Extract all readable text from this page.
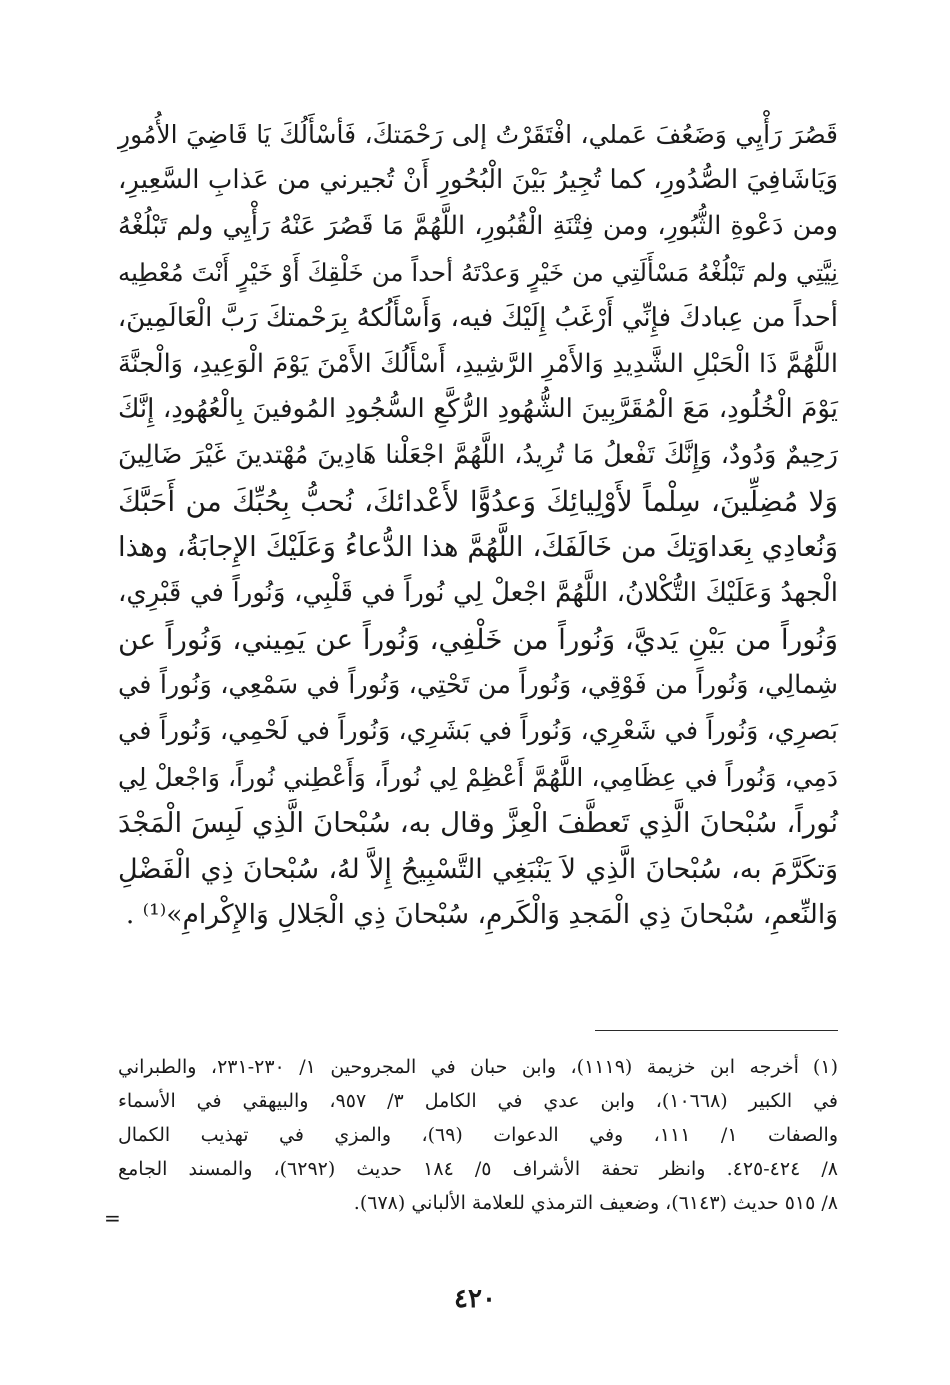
قَصُرَ رَأْيِي وَضَعُفَ عَملي، افْتَقَرْتُ إلى رَحْمَتكَ، فَأسْأَلُكَ يَا قَاضِيَ الأُمُورِ
وَيَاشَافِيَ الصُّدُورِ، كما تُجِيرُ بَيْنَ الْبُحُورِ أَنْ تُجيرني من عَذابِ السَّعِيرِ،
ومن دَعْوةِ الثُّبُورِ، ومن فِتْنَةِ الْقُبُورِ، اللَّهُمَّ مَا قَصُرَ عَنْهُ رَأْيِي ولم تَبْلُغْهُ
نِيَّتِي ولم تَبْلُغْهُ مَسْأَلَتِي من خَيْرٍ وَعدْتَهُ أحداً من خَلْقِكَ أَوْ خَيْرٍ أَنْتَ مُعْطِيه
أحداً من عِبادكَ فإِنِّي أَرْغَبُ إِلَيْكَ فيه، وَأَسْأَلُكهُ بِرَحْمتكَ رَبَّ الْعَالَمِينَ،
اللَّهُمَّ ذَا الْحَبْلِ الشَّدِيدِ وَالأَمْرِ الرَّشِيدِ، أَسْأَلُكَ الأَمْنَ يَوْمَ الْوَعِيدِ، وَالْجنَّةَ
يَوْمَ الْخُلُودِ، مَعَ الْمُقَرَّبِينَ الشُّهُودِ الرُّكَّعِ السُّجُودِ المُوفينَ بِالْعُهُودِ، إِنَّكَ
رَحِيمٌ وَدُودٌ، وَإِنَّكَ تَفْعلُ مَا تُرِيدُ، اللَّهُمَّ اجْعَلْنا هَادِينَ مُهْتدينَ غَيْرَ ضَالِينَ
وَلا مُضِلِّينَ، سِلْماً لأَوْلِيائِكَ وَعدُوًّا لأَعْدائكَ، نُحبُّ بِحُبِّكَ من أَحَبَّكَ
وَنُعادِي بِعَداوَتِكَ من خَالَفَكَ، اللَّهُمَّ هذا الدُّعاءُ وَعَلَيْكَ الإِجابَةُ، وهذا
الْجهدُ وَعَلَيْكَ التُّكْلانُ، اللَّهُمَّ اجْعلْ لِي نُوراً في قَلْبِي، وَنُوراً في قَبْرِي،
وَنُوراً من بَيْنِ يَديَّ، وَنُوراً من خَلْفِي، وَنُوراً عن يَمِيني، وَنُوراً عن
شِمالِي، وَنُوراً من فَوْقِي، وَنُوراً من تَحْتِي، وَنُوراً في سَمْعِي، وَنُوراً في
بَصرِي، وَنُوراً في شَعْرِي، وَنُوراً في بَشَرِي، وَنُوراً في لَحْمِي، وَنُوراً في
دَمِي، وَنُوراً في عِظَامِي، اللَّهُمَّ أَعْظِمْ لِي نُوراً، وَأَعْطِني نُوراً، وَاجْعلْ لِي
نُوراً، سُبْحانَ الَّذِي تَعطَّفَ الْعِزَّ وقال به، سُبْحانَ الَّذِي لَبِسَ الْمَجْدَ
وَتكَرَّمَ به، سُبْحانَ الَّذِي لاَ يَنْبَغِي التَّسْبِيحُ إِلاَّ لهُ، سُبْحانَ ذِي الْفَضْلِ
وَالنِّعمِ، سُبْحانَ ذِي الْمَجدِ وَالْكَرمِ، سُبْحانَ ذِي الْجَلالِ وَالإِكْرامِ»⁽¹⁾ .
(١)أخرجه ابن خزيمة (١١١٩)، وابن حبان في المجروحين ١/ ٢٣٠-٢٣١، والطبراني
في الكبير (١٠٦٦٨)، وابن عدي في الكامل ٣/ ٩٥٧، والبيهقي في الأسماء
والصفات ١/ ١١١، وفي الدعوات (٦٩)، والمزي في تهذيب الكمال
٨/ ٤٢٤-٤٢٥. وانظر تحفة الأشراف ٥/ ١٨٤ حديث (٦٢٩٢)، والمسند الجامع
٨/ ٥١٥ حديث (٦١٤٣)، وضعيف الترمذي للعلامة الألباني (٦٧٨).
=
٤٢٠
